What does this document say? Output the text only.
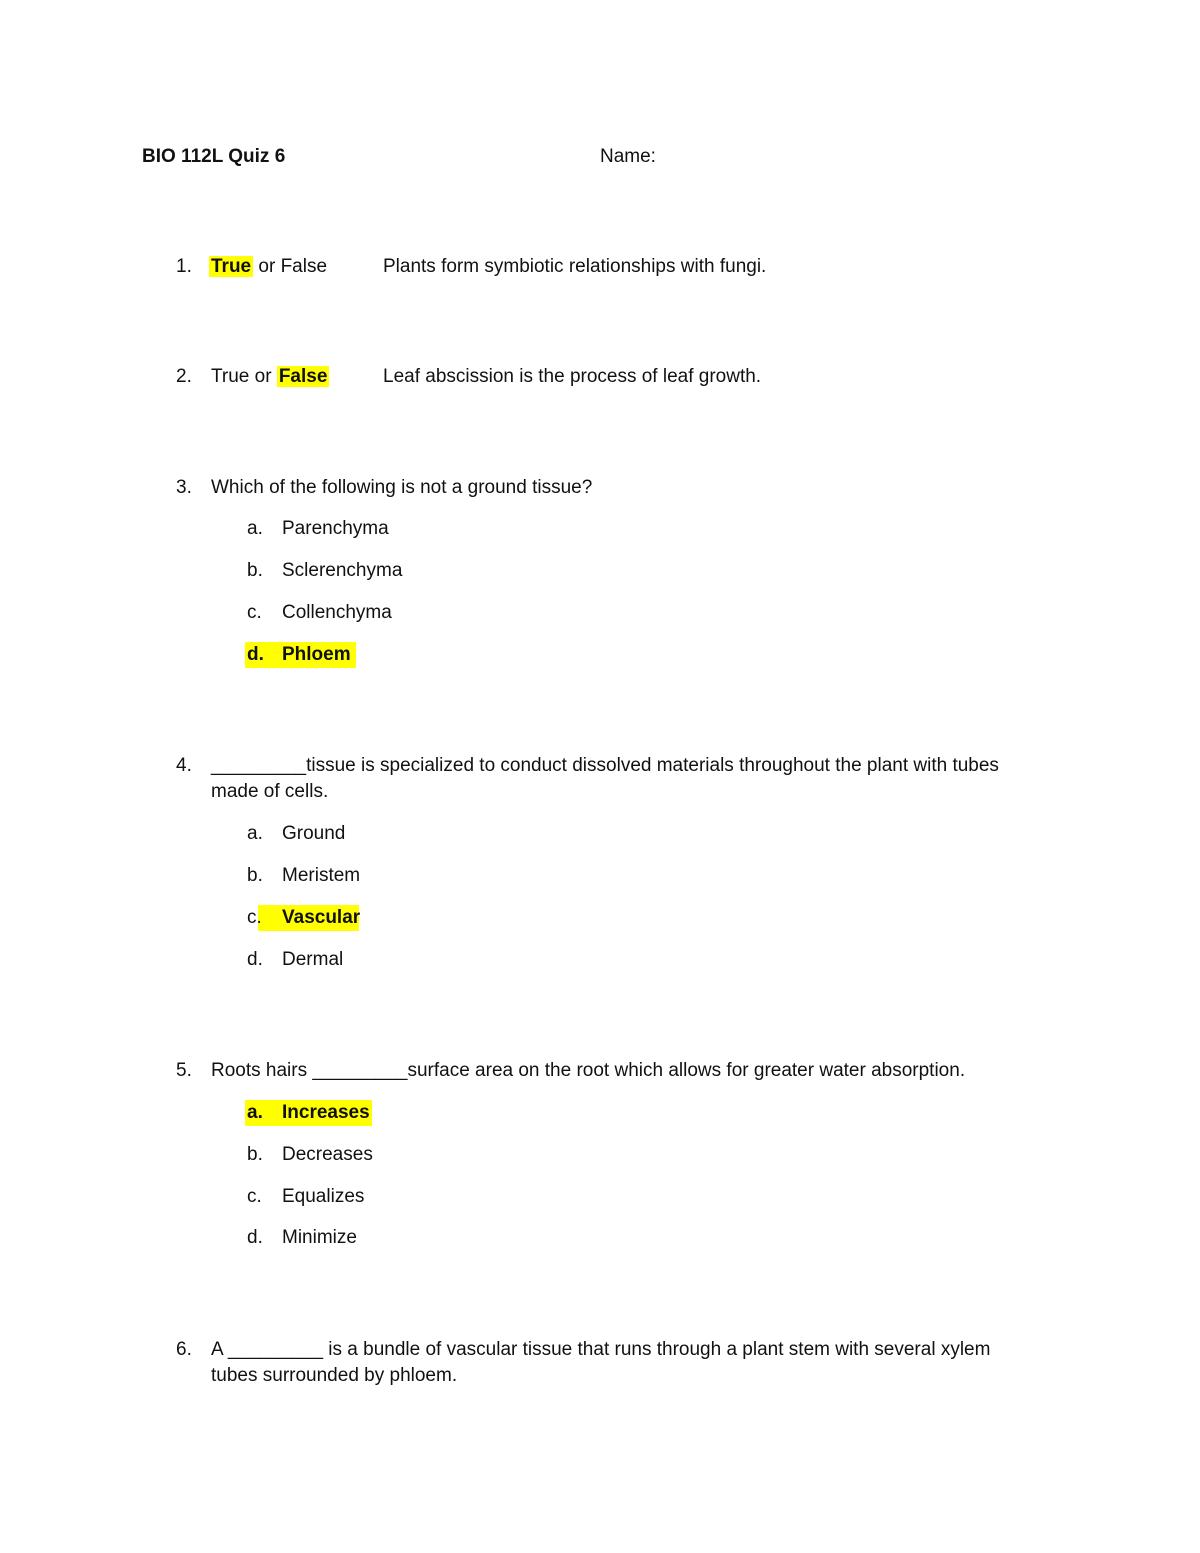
BIO 112L Quiz 6	Name:
1. True or False	Plants form symbiotic relationships with fungi.
2. True or False	Leaf abscission is the process of leaf growth.
3. Which of the following is not a ground tissue?
a. Parenchyma
b. Sclerenchyma
c. Collenchyma
d. Phloem
4. _________tissue is specialized to conduct dissolved materials throughout the plant with tubes
made of cells.
a. Ground
b. Meristem
c. Vascular
d. Dermal
5. Roots hairs _________surface area on the root which allows for greater water absorption.
a. Increases
b. Decreases
c. Equalizes
d. Minimize
6. A _________ is a bundle of vascular tissue that runs through a plant stem with several xylem
tubes surrounded by phloem.
